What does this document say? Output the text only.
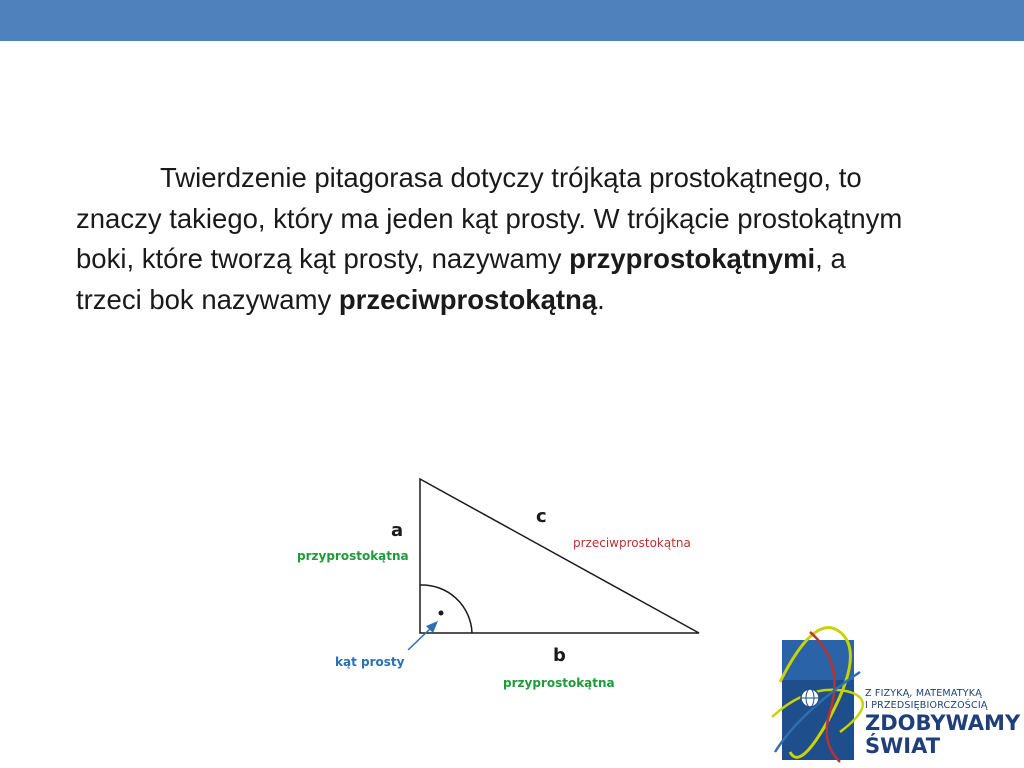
Twierdzenie pitagorasa dotyczy trójkąta prostokątnego, to znaczy takiego, który ma jeden kąt prosty. W trójkącie prostokątnym boki, które tworzą kąt prosty, nazywamy przyprostokątnymi, a trzeci bok nazywamy przeciwprostokątną.

a
przyprostokątna
c
przeciwprostokątna
b
przyprostokątna
kąt prosty
Z FIZYKĄ, MATEMATYKĄ
I PRZEDSIĘBIORCZOŚCIĄ
ZDOBYWAMY
ŚWIAT
